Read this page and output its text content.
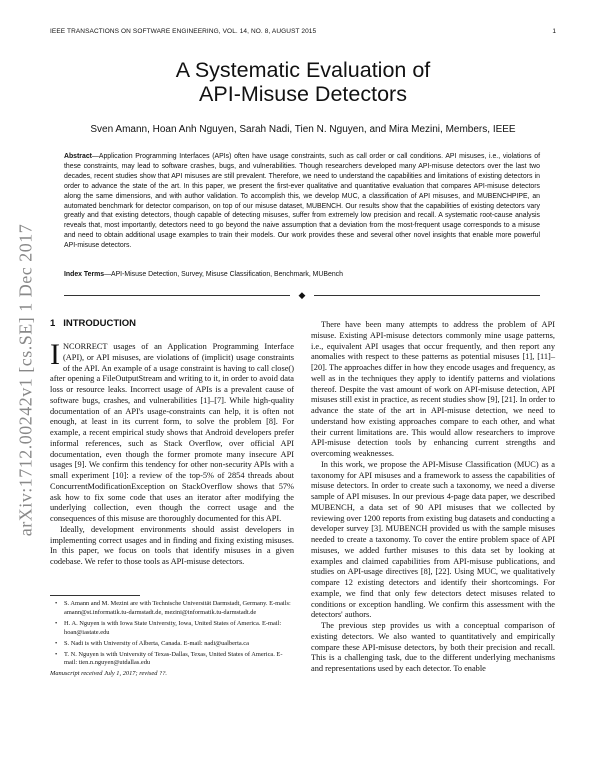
IEEE TRANSACTIONS ON SOFTWARE ENGINEERING, VOL. 14, NO. 8, AUGUST 2015	1
arXiv:1712.00242v1 [cs.SE] 1 Dec 2017
A Systematic Evaluation of
API-Misuse Detectors
Sven Amann, Hoan Anh Nguyen, Sarah Nadi, Tien N. Nguyen, and Mira Mezini, Members, IEEE
Abstract—Application Programming Interfaces (APIs) often have usage constraints, such as call order or call conditions. API misuses, i.e., violations of these constraints, may lead to software crashes, bugs, and vulnerabilities. Though researchers developed many API-misuse detectors over the last two decades, recent studies show that API misuses are still prevalent. Therefore, we need to understand the capabilities and limitations of existing detectors in order to advance the state of the art. In this paper, we present the first-ever qualitative and quantitative evaluation that compares API-misuse detectors along the same dimensions, and with author validation. To accomplish this, we develop MUC, a classification of API misuses, and MUBENCHPIPE, an automated benchmark for detector comparison, on top of our misuse dataset, MUBENCH. Our results show that the capabilities of existing detectors vary greatly and that existing detectors, though capable of detecting misuses, suffer from extremely low precision and recall. A systematic root-cause analysis reveals that, most importantly, detectors need to go beyond the naive assumption that a deviation from the most-frequent usage corresponds to a misuse and need to obtain additional usage examples to train their models. Our work provides these and several other novel insights that enable more powerful API-misuse detectors.
Index Terms—API-Misuse Detection, Survey, Misuse Classification, Benchmark, MUBench
◆
1 INTRODUCTION

INCORRECT usages of an Application Programming Interface (API), or API misuses, are violations of (implicit) usage constraints of the API. An example of a usage constraint is having to call close() after opening a FileOutputStream and writing to it, in order to avoid data loss or resource leaks. Incorrect usage of APIs is a prevalent cause of software bugs, crashes, and vulnerabilities [1]–[7]. While high-quality documentation of an API's usage-constraints can help, it is often not enough, at least in its current form, to solve the problem [8]. For example, a recent empirical study shows that Android developers prefer informal references, such as Stack Overflow, over official API documentation, even though the former promote many insecure API usages [9]. We confirm this tendency for other non-security APIs with a small experiment [10]: a review of the top-5% of 2854 threads about ConcurrentModificationException on StackOverflow shows that 57% ask how to fix some code that uses an iterator after modifying the underlying collection, even though the correct usage and the consequences of this misuse are thoroughly documented for this API.

Ideally, development environments should assist developers in implementing correct usages and in finding and fixing existing misuses. In this paper, we focus on tools that identify misuses in a given codebase. We refer to those tools as API-misuse detectors.

• S. Amann and M. Mezini are with Technische Universität Darmstadt, Germany. E-mails: amann@st.informatik.tu-darmstadt.de, mezini@informatik.tu-darmstadt.de
• H. A. Nguyen is with Iowa State University, Iowa, United States of America. E-mail: hoan@iastate.edu
• S. Nadi is with University of Alberta, Canada. E-mail: nadi@ualberta.ca
• T. N. Nguyen is with University of Texas-Dallas, Texas, United States of America. E-mail: tien.n.nguyen@utdallas.edu
Manuscript received July 1, 2017; revised ??.

There have been many attempts to address the problem of API misuse. Existing API-misuse detectors commonly mine usage patterns, i.e., equivalent API usages that occur frequently, and then report any anomalies with respect to these patterns as potential misuses [1], [11]–[20]. The approaches differ in how they encode usages and frequency, as well as in the techniques they apply to identify patterns and violations thereof. Despite the vast amount of work on API-misuse detection, API misuses still exist in practice, as recent studies show [9], [21]. In order to advance the state of the art in API-misuse detection, we need to understand how existing approaches compare to each other, and what their current limitations are. This would allow researchers to improve API-misuse detection tools by enhancing current strengths and overcoming weaknesses.

In this work, we propose the API-Misuse Classification (MUC) as a taxonomy for API misuses and a framework to assess the capabilities of misuse detectors. In order to create such a taxonomy, we need a diverse sample of API misuses. In our previous 4-page data paper, we described MUBENCH, a data set of 90 API misuses that we collected by reviewing over 1200 reports from existing bug datasets and conducting a developer survey [3]. MUBENCH provided us with the sample misuses needed to create a taxonomy. To cover the entire problem space of API misuses, we added further misuses to this data set by looking at examples and claimed capabilities from API-misuse publications, and studies on API-usage directives [8], [22]. Using MUC, we qualitatively compare 12 existing detectors and identify their shortcomings. For example, we find that only few detectors detect misuses related to conditions or exception handling. We confirm this assessment with the detectors' authors.

The previous step provides us with a conceptual comparison of existing detectors. We also wanted to quantitatively and empirically compare these API-misuse detectors, by both their precision and recall. This is a challenging task, due to the different underlying mechanisms and representations used by each detector. To enable
